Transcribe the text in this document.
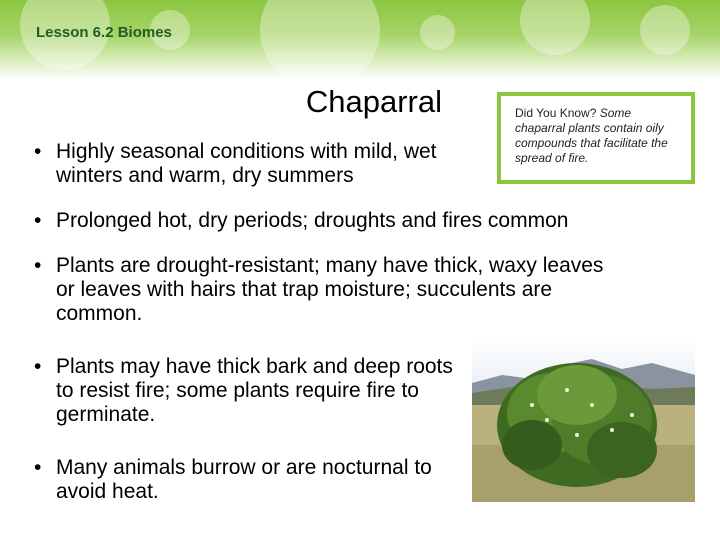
Lesson 6.2 Biomes
Chaparral
• Highly seasonal conditions with mild, wet winters and warm, dry summers
• Prolonged hot, dry periods; droughts and fires common
• Plants are drought-resistant; many have thick, waxy leaves or leaves with hairs that trap moisture; succulents are common.
• Plants may have thick bark and deep roots to resist fire; some plants require fire to germinate.
• Many animals burrow or are nocturnal to avoid heat.
Did You Know? Some chaparral plants contain oily compounds that facilitate the spread of fire.
